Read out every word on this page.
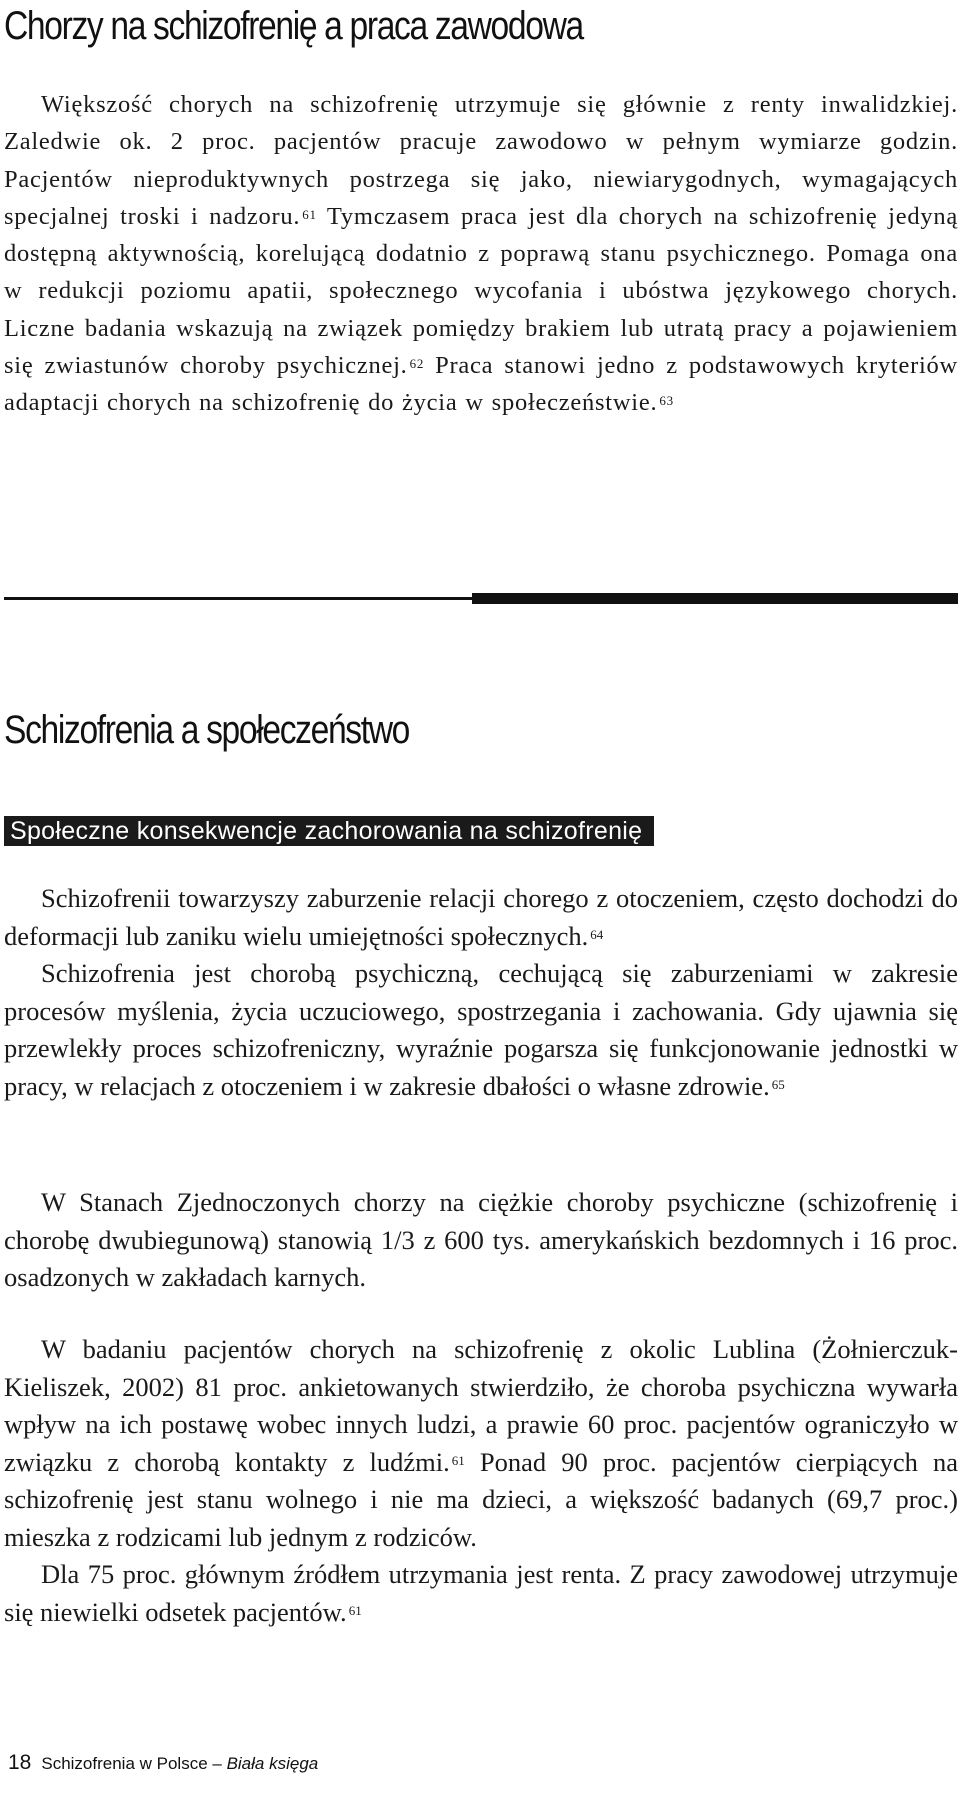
Chorzy na schizofrenię a praca zawodowa

Większość chorych na schizofrenię utrzymuje się głównie z renty inwalidzkiej. Zaledwie ok. 2 proc. pacjentów pracuje zawodowo w pełnym wymiarze godzin. Pacjentów nieproduktywnych postrzega się jako, niewiarygodnych, wymagających specjalnej troski i nadzoru. $^{61}$ Tymczasem praca jest dla chorych na schizofrenię jedyną dostępną aktywnością, korelującą dodatnio z poprawą stanu psychicznego. Pomaga ona w redukcji poziomu apatii, społecznego wycofania i ubóstwa językowego chorych. Liczne badania wskazują na związek pomiędzy brakiem lub utratą pracy a pojawieniem się zwiastunów choroby psychicznej. $^{62}$ Praca stanowi jedno z podstawowych kryteriów adaptacji chorych na schizofrenię do życia w społeczeństwie. $^{63}$

Schizofrenia a społeczeństwo
Społeczne konsekwencje zachorowania na schizofrenię

Schizofrenii towarzyszy zaburzenie relacji chorego z otoczeniem, często dochodzi do deformacji lub zaniku wielu umiejętności społecznych. $^{64}$

Schizofrenia jest chorobą psychiczną, cechującą się zaburzeniami w zakresie procesów myślenia, życia uczuciowego, spostrzegania i zachowania. Gdy ujawnia się przewlekły proces schizofreniczny, wyraźnie pogarsza się funkcjonowanie jednostki w pracy, w relacjach z otoczeniem i w zakresie dbałości o własne zdrowie. $^{65}$

W Stanach Zjednoczonych chorzy na ciężkie choroby psychiczne (schizofrenię i chorobę dwubiegunową) stanowią 1/3 z 600 tys. amerykańskich bezdomnych i 16 proc. osadzonych w zakładach karnych.

W badaniu pacjentów chorych na schizofrenię z okolic Lublina (Żołnierczuk-Kieliszek, 2002) 81 proc. ankietowanych stwierdziło, że choroba psychiczna wywarła wpływ na ich postawę wobec innych ludzi, a prawie 60 proc. pacjentów ograniczyło w związku z chorobą kontakty z ludźmi. $^{61}$ Ponad 90 proc. pacjentów cierpiących na schizofrenię jest stanu wolnego i nie ma dzieci, a większość badanych (69,7 proc.) mieszka z rodzicami lub jednym z rodziców.

Dla 75 proc. głównym źródłem utrzymania jest renta. Z pracy zawodowej utrzymuje się niewielki odsetek pacjentów. $^{61}$

18 Schizofrenia w Polsce – Biała księga
